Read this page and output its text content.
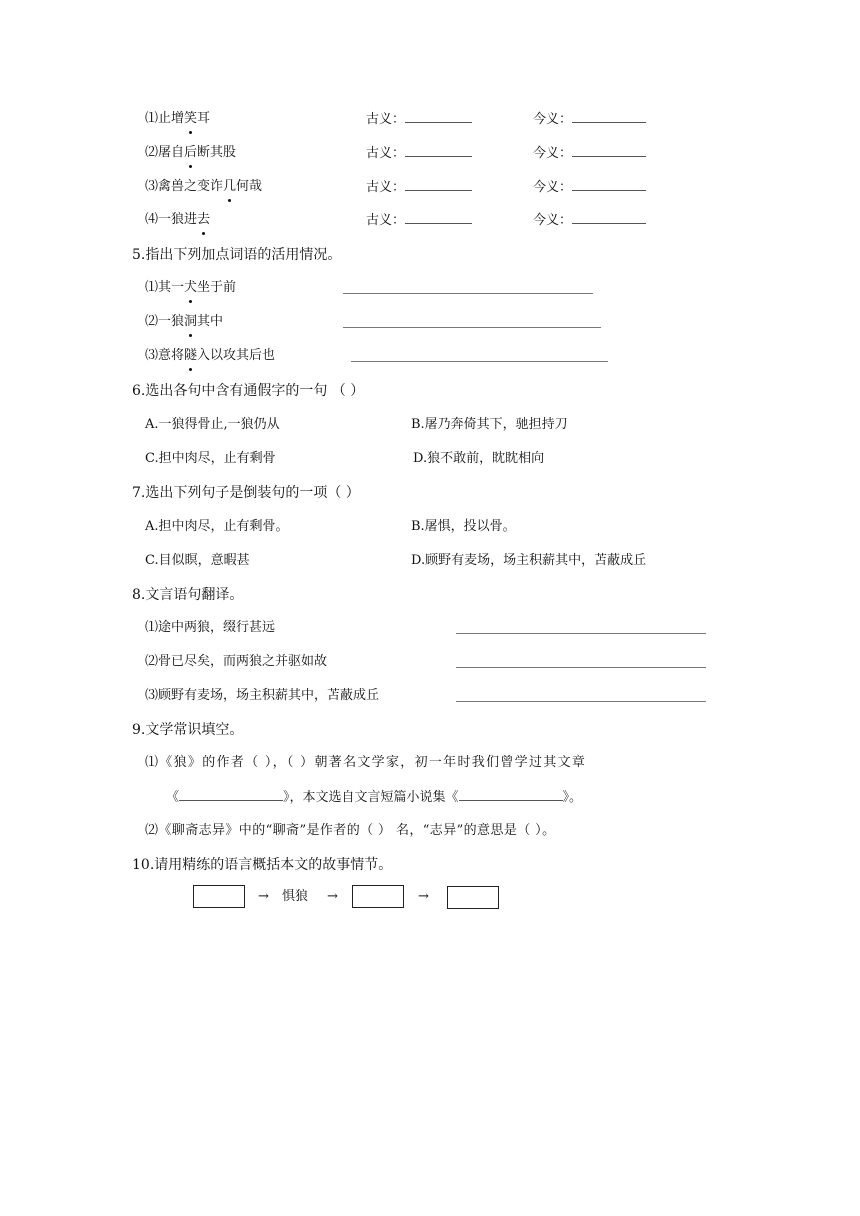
⑴止增笑耳	古义：	今义：
⑵屠自后断其股	古义：	今义：
⑶禽兽之变诈几何哉	古义：	今义：
⑷一狼进去	古义：	今义：
5.指出下列加点词语的活用情况。
⑴其一犬坐于前
⑵一狼洞其中
⑶意将隧入以攻其后也
6.选出各句中含有通假字的一句 （ ）
A.一狼得骨止,一狼仍从	B.屠乃奔倚其下，驰担持刀
C.担中肉尽，止有剩骨	D.狼不敢前，眈眈相向
7.选出下列句子是倒装句的一项（ ）
A.担中肉尽，止有剩骨。	B.屠惧，投以骨。
C.目似瞑，意暇甚	D.顾野有麦场，场主积薪其中，苫蔽成丘
8.文言语句翻译。
⑴途中两狼，缀行甚远
⑵骨已尽矣，而两狼之并驱如故
⑶顾野有麦场，场主积薪其中，苫蔽成丘
9.文学常识填空。
⑴《狼》的作者（ ），（ ）朝著名文学家，初一年时我们曾学过其文章
《	》，本文选自文言短篇小说集《	》。
⑵《聊斋志异》中的“聊斋”是作者的（ ） 名，“志异”的意思是（ ）。
10.请用精练的语言概括本文的故事情节。
→ 惧狼 →	→
